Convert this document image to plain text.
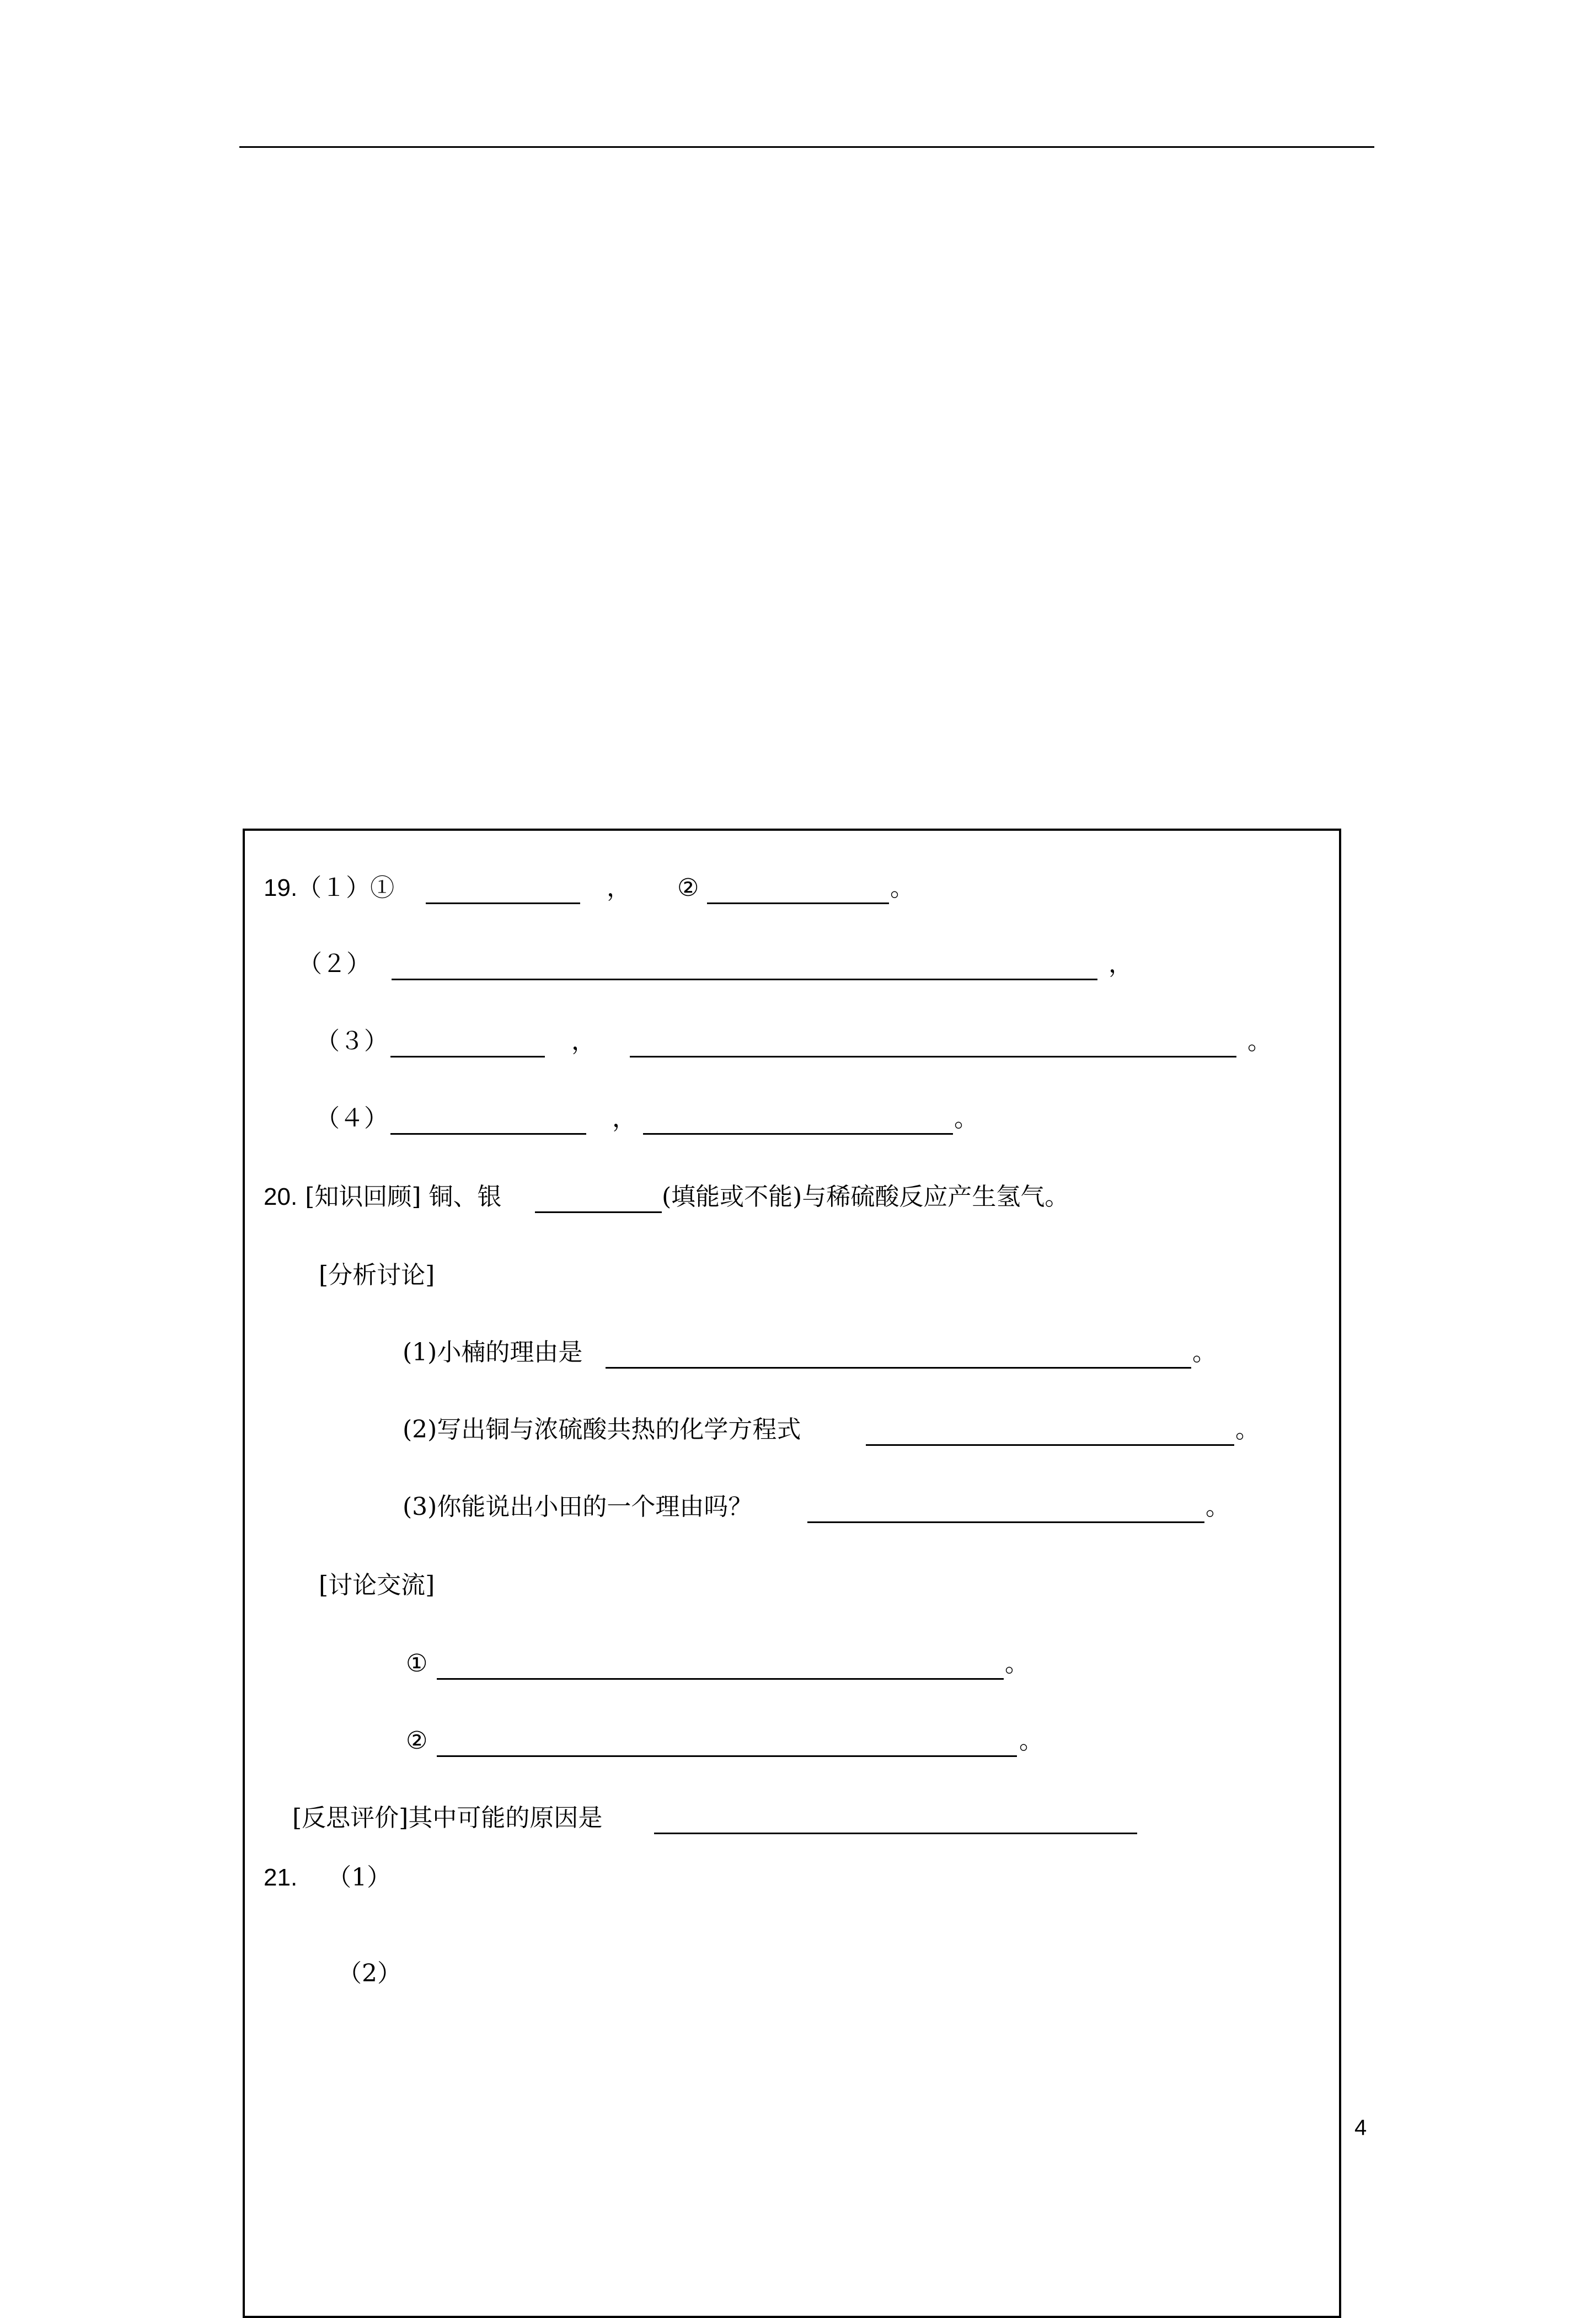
19.（１）①	， ②	。
（２）	，
（３）	，	。
（４）	，	。
20. [知识回顾] 铜、银	(填能或不能)与稀硫酸反应产生氢气。
[分析讨论]
(1)小楠的理由是	。
(2)写出铜与浓硫酸共热的化学方程式	。
(3)你能说出小田的一个理由吗？	。
[讨论交流]
①	。
②	。
[反思评价]其中可能的原因是
21. （1）
（2）
4
